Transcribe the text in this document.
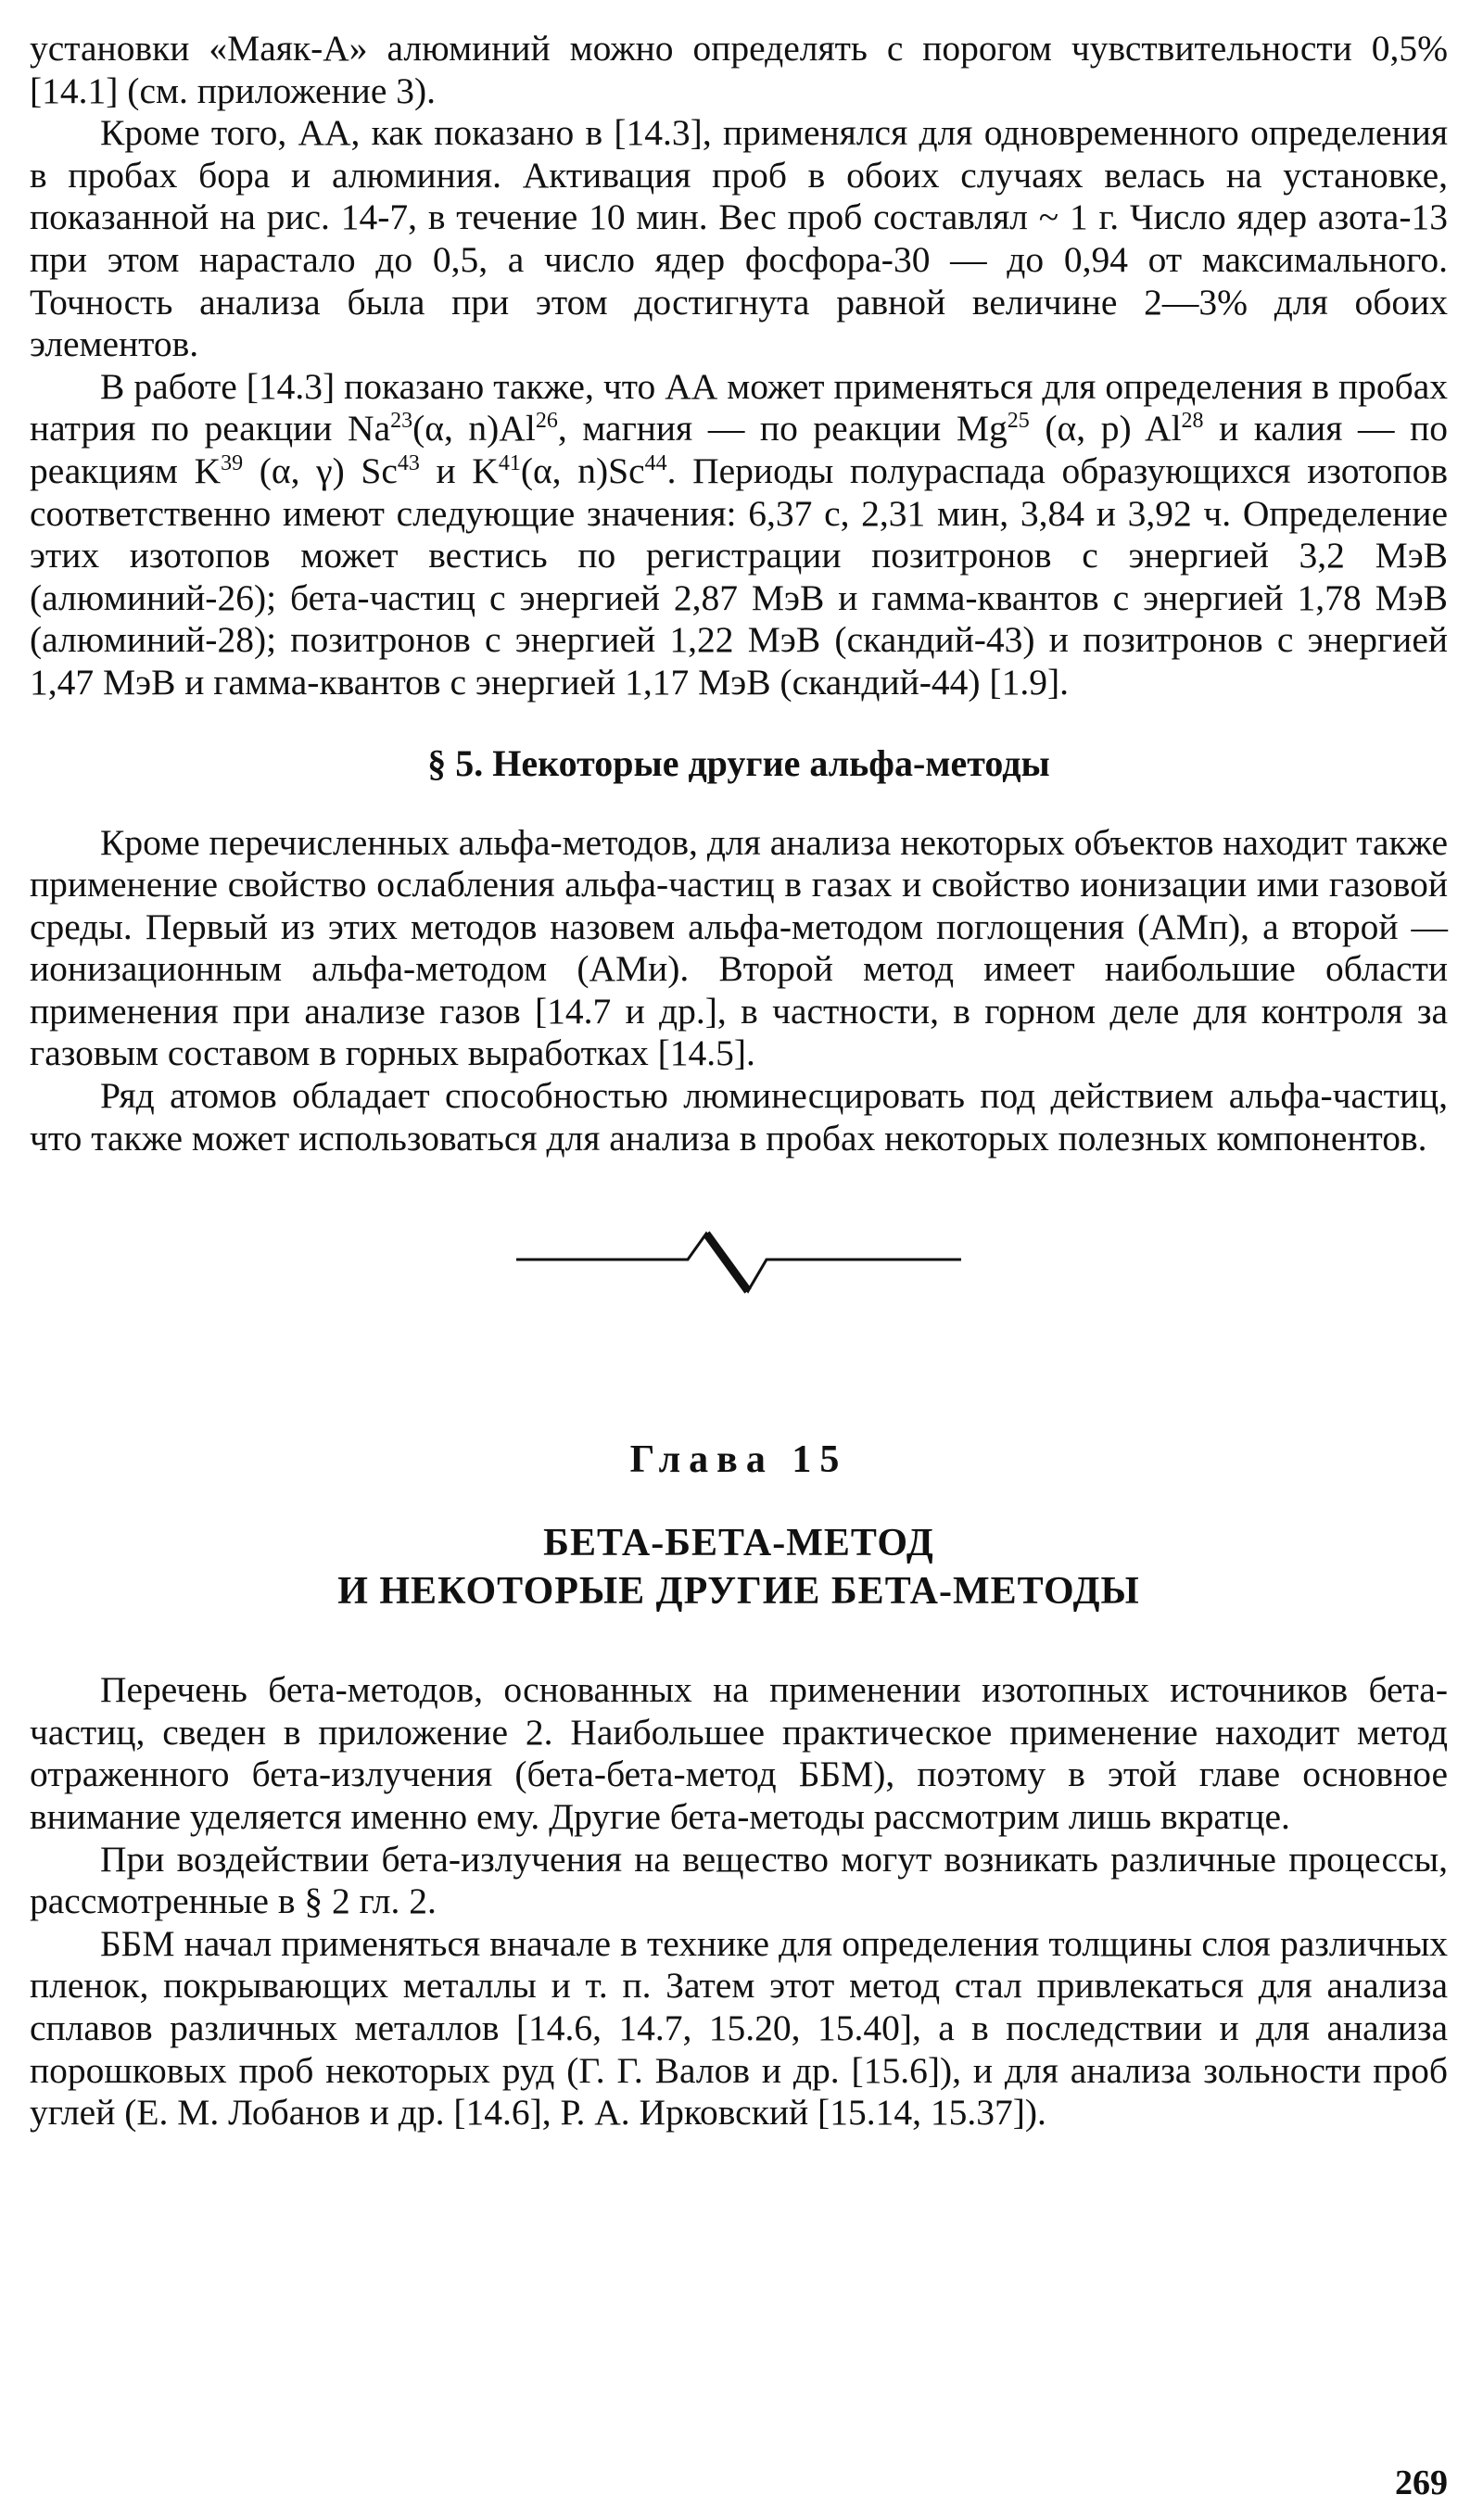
установки «Маяк-А» алюминий можно определять с порогом чувствительности 0,5% [14.1] (см. приложение 3).

Кроме того, АА, как показано в [14.3], применялся для одновременного определения в пробах бора и алюминия. Активация проб в обоих случаях велась на установке, показанной на рис. 14-7, в течение 10 мин. Вес проб составлял ~ 1 г. Число ядер азота-13 при этом нарастало до 0,5, а число ядер фосфора-30 — до 0,94 от максимального. Точность анализа была при этом достигнута равной величине 2—3% для обоих элементов.

В работе [14.3] показано также, что АА может применяться для определения в пробах натрия по реакции Na$^{23}$(α, n)Al$^{26}$, магния — по реакции Mg$^{25}$ (α, p) Al$^{28}$ и калия — по реакциям $K^{39}$ (α, γ) Sc$^{43}$ и $K^{41}(\alpha$, n)Sc$^{44}$. Периоды полураспада образующихся изотопов соответственно имеют следующие значения: 6,37 с, 2,31 мин, 3,84 и 3,92 ч. Определение этих изотопов может вестись по регистрации позитронов с энергией 3,2 МэВ (алюминий-26); бета-частиц с энергией 2,87 МэВ и гамма-квантов с энергией 1,78 МэВ (алюминий-28); позитронов с энергией 1,22 МэВ (скандий-43) и позитронов с энергией 1,47 МэВ и гамма-квантов с энергией 1,17 МэВ (скандий-44) [1.9].

§ 5. Некоторые другие альфа-методы

Кроме перечисленных альфа-методов, для анализа некоторых объектов находит также применение свойство ослабления альфа-частиц в газах и свойство ионизации ими газовой среды. Первый из этих методов назовем альфа-методом поглощения (АМп), а второй — ионизационным альфа-методом (АМи). Второй метод имеет наибольшие области применения при анализе газов [14.7 и др.], в частности, в горном деле для контроля за газовым составом в горных выработках [14.5].

Ряд атомов обладает способностью люминесцировать под действием альфа-частиц, что также может использоваться для анализа в пробах некоторых полезных компонентов.

Глава 15
БЕТА-БЕТА-МЕТОД
И НЕКОТОРЫЕ ДРУГИЕ БЕТА-МЕТОДЫ

Перечень бета-методов, основанных на применении изотопных источников бета-частиц, сведен в приложение 2. Наибольшее практическое применение находит метод отраженного бета-излучения (бета-бета-метод ББМ), поэтому в этой главе основное внимание уделяется именно ему. Другие бета-методы рассмотрим лишь вкратце.

При воздействии бета-излучения на вещество могут возникать различные процессы, рассмотренные в § 2 гл. 2.

ББМ начал применяться вначале в технике для определения толщины слоя различных пленок, покрывающих металлы и т. п. Затем этот метод стал привлекаться для анализа сплавов различных металлов [14.6, 14.7, 15.20, 15.40], а в последствии и для анализа порошковых проб некоторых руд (Г. Г. Валов и др. [15.6]), и для анализа зольности проб углей (Е. М. Лобанов и др. [14.6], Р. А. Ирковский [15.14, 15.37]).

269
